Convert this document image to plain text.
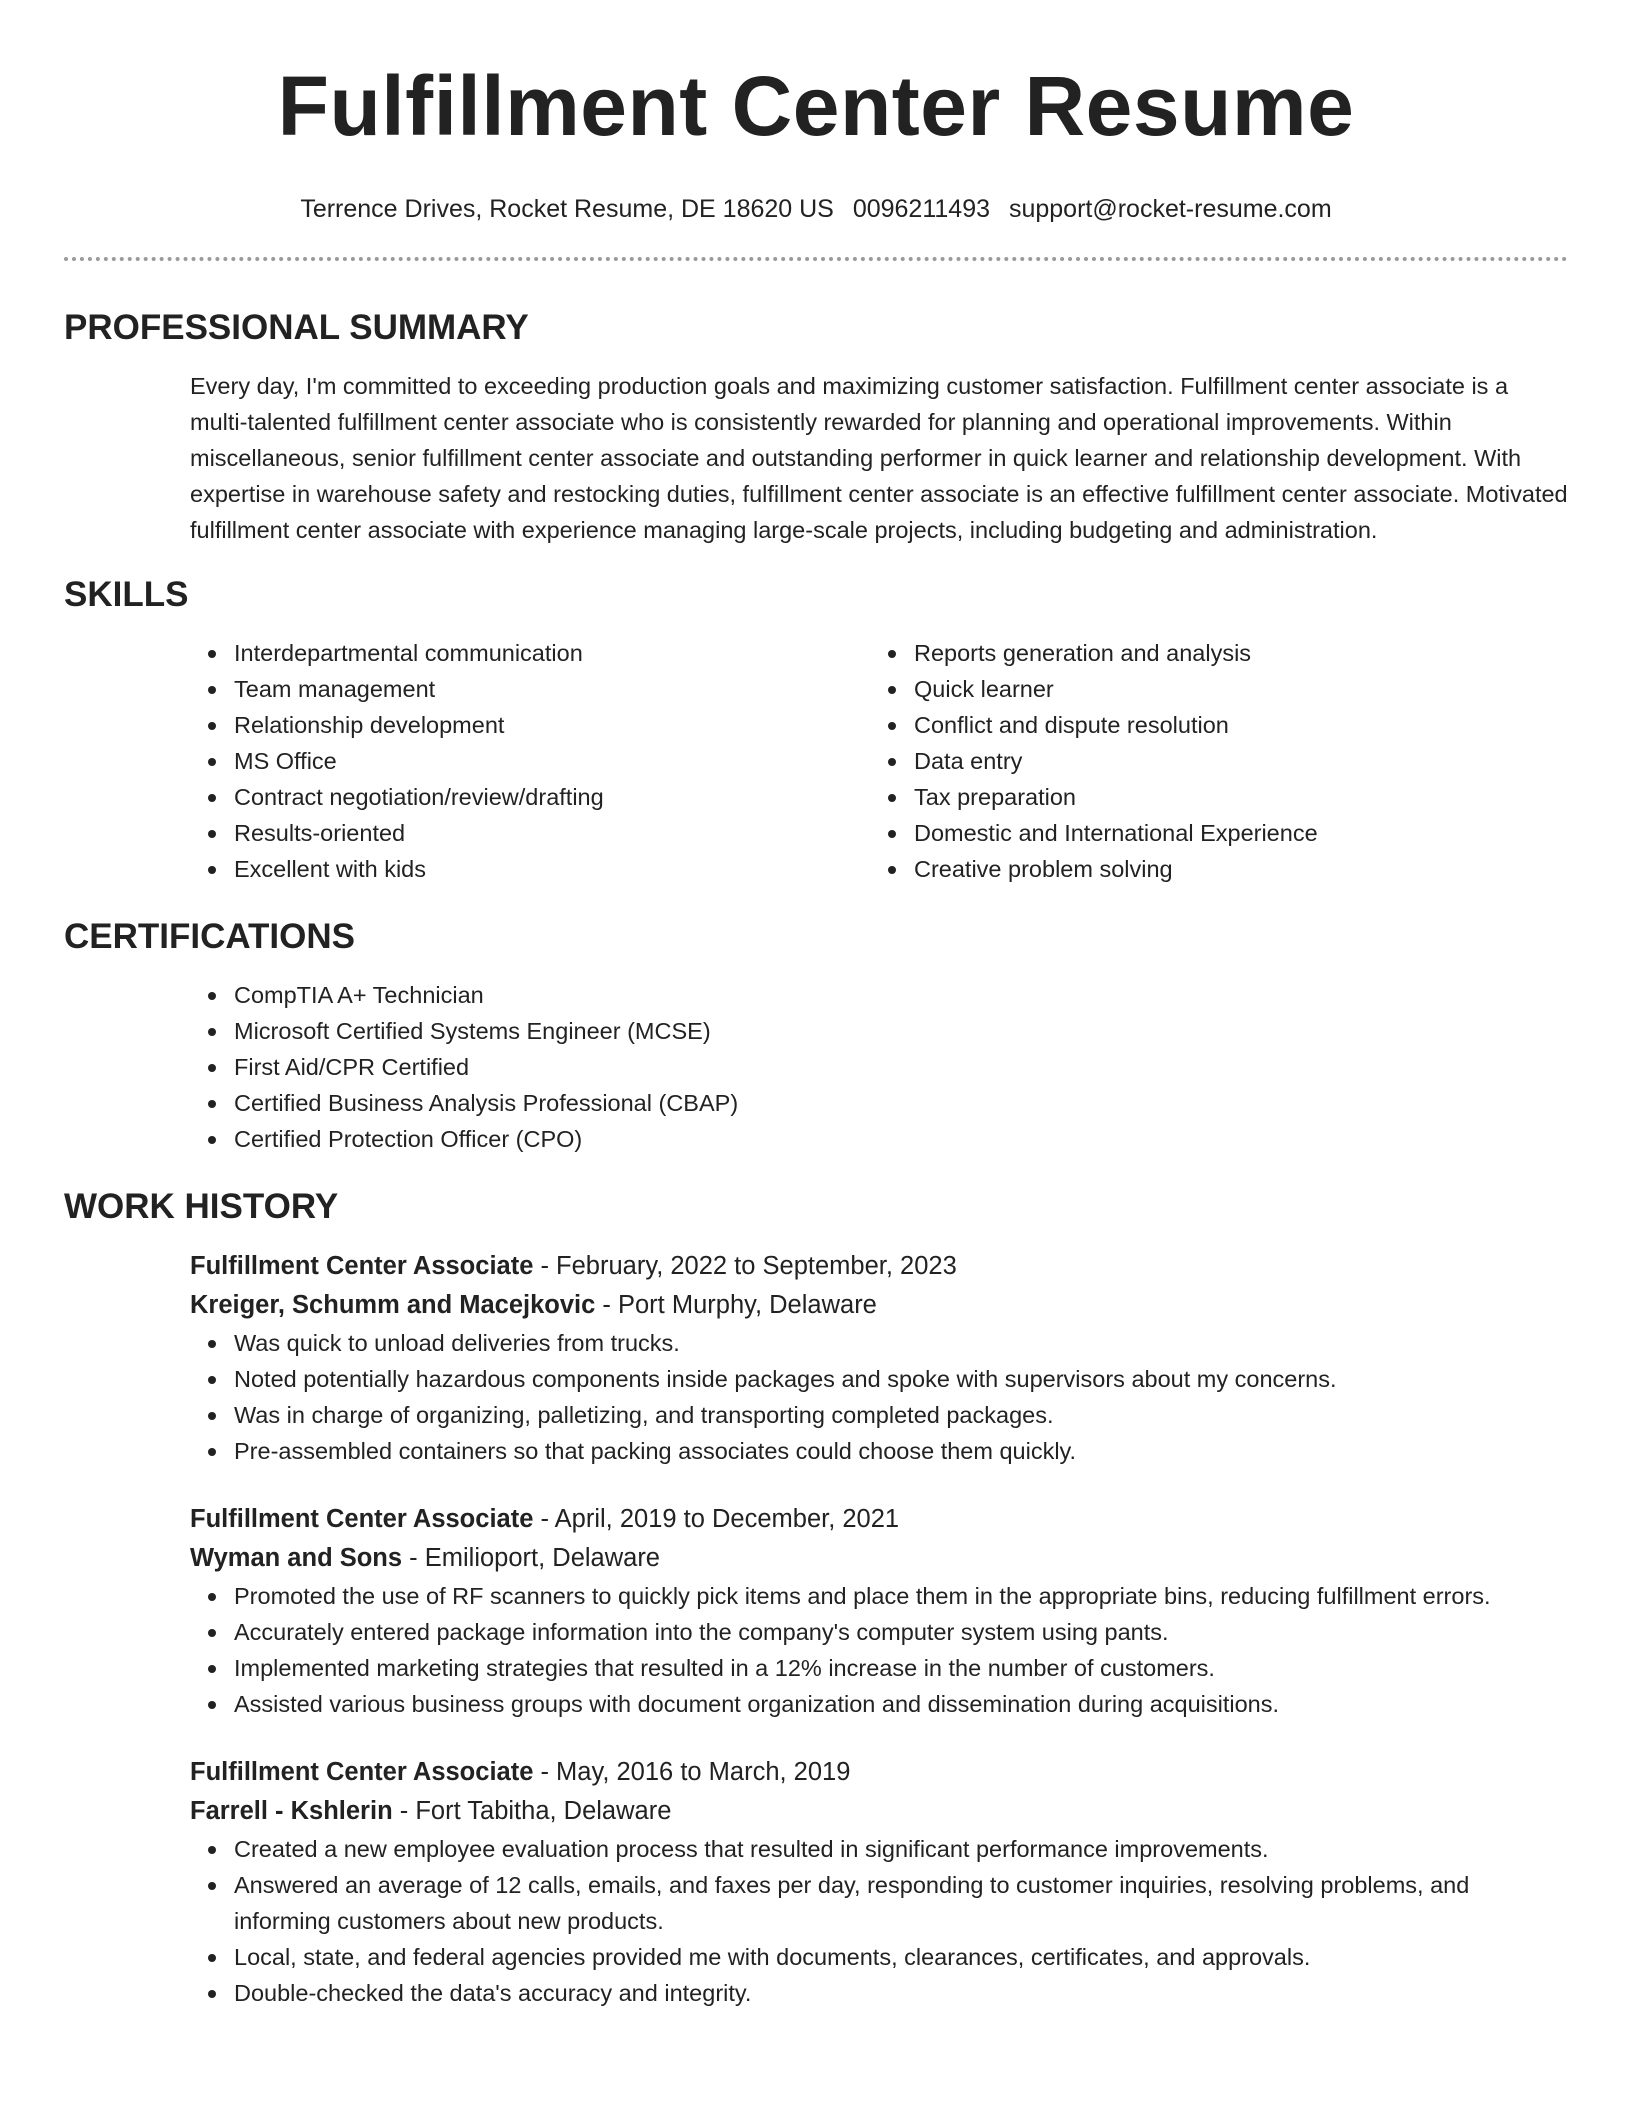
Fulfillment Center Resume
Terrence Drives, Rocket Resume, DE 18620 US 0096211493 support@rocket-resume.com
PROFESSIONAL SUMMARY
Every day, I'm committed to exceeding production goals and maximizing customer satisfaction. Fulfillment center associate is a multi-talented fulfillment center associate who is consistently rewarded for planning and operational improvements. Within miscellaneous, senior fulfillment center associate and outstanding performer in quick learner and relationship development. With expertise in warehouse safety and restocking duties, fulfillment center associate is an effective fulfillment center associate. Motivated fulfillment center associate with experience managing large-scale projects, including budgeting and administration.
SKILLS
Interdepartmental communication
Team management
Relationship development
MS Office
Contract negotiation/review/drafting
Results-oriented
Excellent with kids
Reports generation and analysis
Quick learner
Conflict and dispute resolution
Data entry
Tax preparation
Domestic and International Experience
Creative problem solving
CERTIFICATIONS
CompTIA A+ Technician
Microsoft Certified Systems Engineer (MCSE)
First Aid/CPR Certified
Certified Business Analysis Professional (CBAP)
Certified Protection Officer (CPO)
WORK HISTORY
Fulfillment Center Associate - February, 2022 to September, 2023
Kreiger, Schumm and Macejkovic - Port Murphy, Delaware
Was quick to unload deliveries from trucks.
Noted potentially hazardous components inside packages and spoke with supervisors about my concerns.
Was in charge of organizing, palletizing, and transporting completed packages.
Pre-assembled containers so that packing associates could choose them quickly.
Fulfillment Center Associate - April, 2019 to December, 2021
Wyman and Sons - Emilioport, Delaware
Promoted the use of RF scanners to quickly pick items and place them in the appropriate bins, reducing fulfillment errors.
Accurately entered package information into the company's computer system using pants.
Implemented marketing strategies that resulted in a 12% increase in the number of customers.
Assisted various business groups with document organization and dissemination during acquisitions.
Fulfillment Center Associate - May, 2016 to March, 2019
Farrell - Kshlerin - Fort Tabitha, Delaware
Created a new employee evaluation process that resulted in significant performance improvements.
Answered an average of 12 calls, emails, and faxes per day, responding to customer inquiries, resolving problems, and informing customers about new products.
Local, state, and federal agencies provided me with documents, clearances, certificates, and approvals.
Double-checked the data's accuracy and integrity.
